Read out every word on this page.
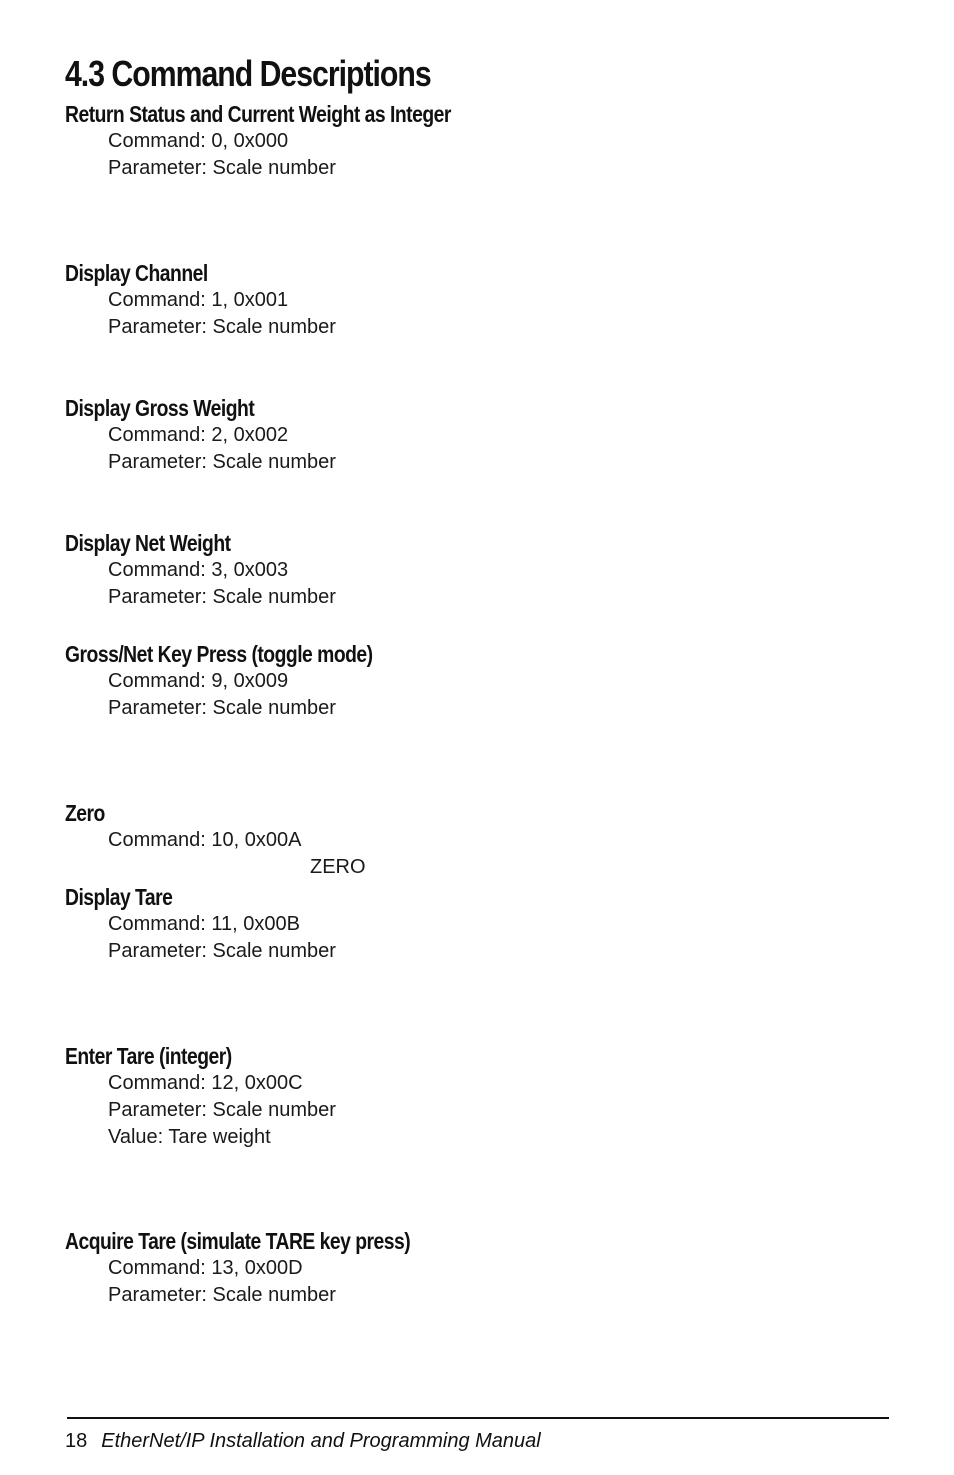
4.3 Command Descriptions
Return Status and Current Weight as Integer

Command: 0, 0x000

Parameter: Scale number

Display Channel

Command: 1, 0x001

Parameter: Scale number

Display Gross Weight

Command: 2, 0x002

Parameter: Scale number

Display Net Weight

Command: 3, 0x003

Parameter: Scale number

Gross/Net Key Press (toggle mode)

Command: 9, 0x009

Parameter: Scale number

Zero

Command: 10, 0x00A

ZERO

Display Tare

Command: 11, 0x00B

Parameter: Scale number

Enter Tare (integer)

Command: 12, 0x00C

Parameter: Scale number

Value: Tare weight

Acquire Tare (simulate TARE key press)

Command: 13, 0x00D

Parameter: Scale number

18 EtherNet/IP Installation and Programming Manual
